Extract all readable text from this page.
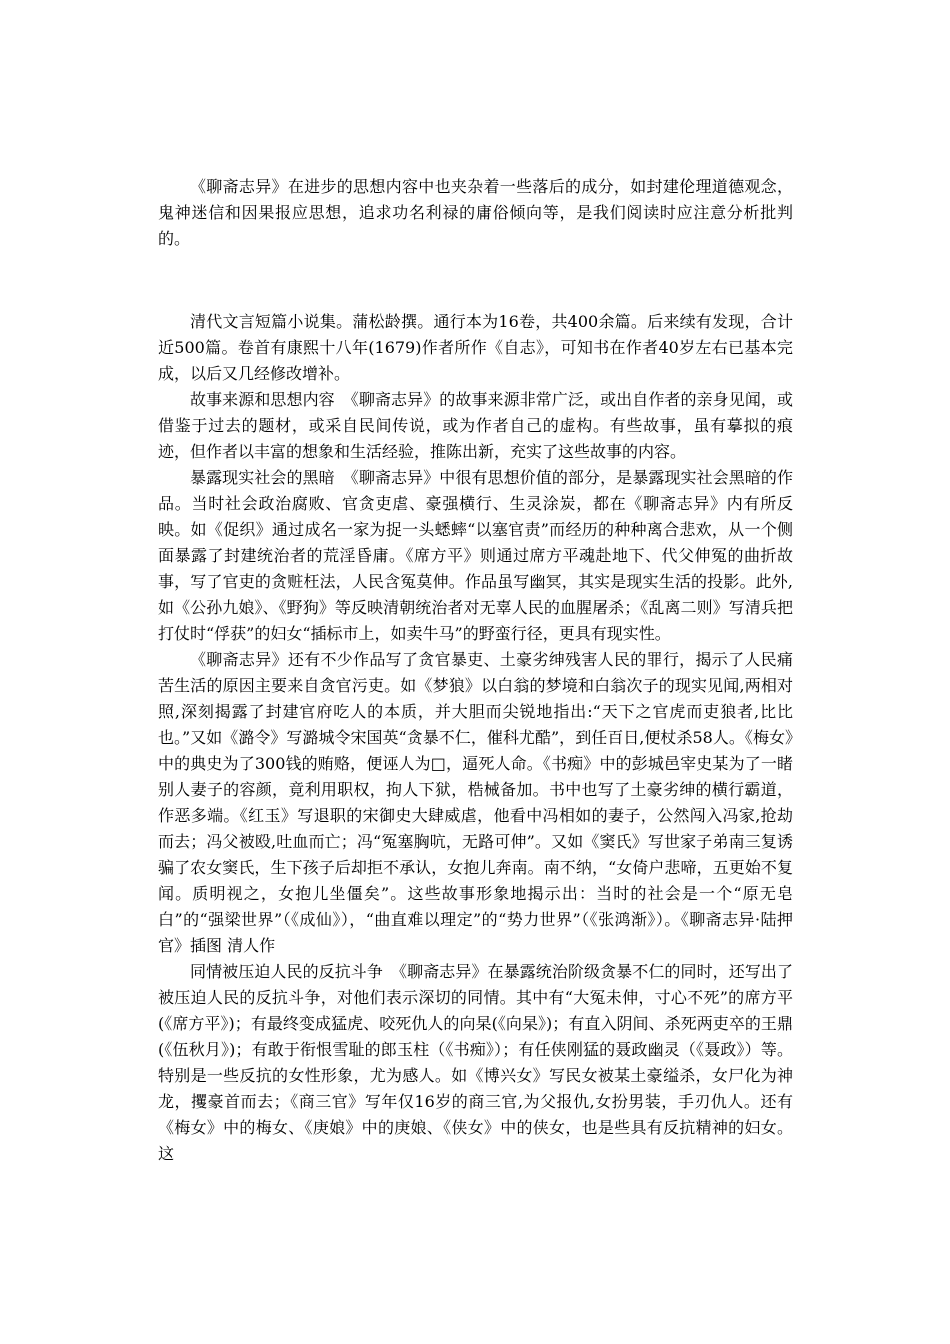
《聊斋志异》在进步的思想内容中也夹杂着一些落后的成分，如封建伦理道德观念，鬼神迷信和因果报应思想，追求功名利禄的庸俗倾向等，是我们阅读时应注意分析批判的。

清代文言短篇小说集。蒲松龄撰。通行本为16卷，共400余篇。后来续有发现，合计近500篇。卷首有康熙十八年(1679)作者所作《自志》，可知书在作者40岁左右已基本完成，以后又几经修改增补。

故事来源和思想内容　《聊斋志异》的故事来源非常广泛，或出自作者的亲身见闻，或借鉴于过去的题材，或采自民间传说，或为作者自己的虚构。有些故事，虽有摹拟的痕迹，但作者以丰富的想象和生活经验，推陈出新，充实了这些故事的内容。

暴露现实社会的黑暗　《聊斋志异》中很有思想价值的部分，是暴露现实社会黑暗的作品。当时社会政治腐败、官贪吏虐、豪强横行、生灵涂炭，都在《聊斋志异》内有所反映。如《促织》通过成名一家为捉一头蟋蟀“以塞官责”而经历的种种离合悲欢，从一个侧面暴露了封建统治者的荒淫昏庸。《席方平》则通过席方平魂赴地下、代父伸冤的曲折故事，写了官吏的贪赃枉法，人民含冤莫伸。作品虽写幽冥，其实是现实生活的投影。此外,如《公孙九娘》、《野狗》等反映清朝统治者对无辜人民的血腥屠杀；《乱离二则》写清兵把打仗时“俘获”的妇女“插标市上，如卖牛马”的野蛮行径，更具有现实性。

《聊斋志异》还有不少作品写了贪官暴吏、土豪劣绅残害人民的罪行，揭示了人民痛苦生活的原因主要来自贪官污吏。如《梦狼》以白翁的梦境和白翁次子的现实见闻,两相对照,深刻揭露了封建官府吃人的本质，并大胆而尖锐地指出:“天下之官虎而吏狼者,比比也。”又如《潞令》写潞城令宋国英“贪暴不仁，催科尤酷”，到任百日,便杖杀58人。《梅女》中的典史为了300钱的贿赂，便诬人为□，逼死人命。《书痴》中的彭城邑宰史某为了一睹别人妻子的容颜，竟利用职权，拘人下狱，梏械备加。书中也写了土豪劣绅的横行霸道，作恶多端。《红玉》写退职的宋御史大肆威虐，他看中冯相如的妻子，公然闯入冯家,抢劫而去；冯父被殴,吐血而亡；冯“冤塞胸吭，无路可伸”。又如《窦氏》写世家子弟南三复诱骗了农女窦氏，生下孩子后却拒不承认，女抱儿奔南。南不纳，“女倚户悲啼，五更始不复闻。质明视之，女抱儿坐僵矣”。这些故事形象地揭示出：当时的社会是一个“原无皂白”的“强梁世界”（《成仙》），“曲直难以理定”的“势力世界”（《张鸿渐》）。《聊斋志异·陆押官》插图 清人作

同情被压迫人民的反抗斗争　《聊斋志异》在暴露统治阶级贪暴不仁的同时，还写出了被压迫人民的反抗斗争，对他们表示深切的同情。其中有“大冤未伸，寸心不死”的席方平(《席方平》)；有最终变成猛虎、咬死仇人的向杲(《向杲》)；有直入阴间、杀死两吏卒的王鼎(《伍秋月》)；有敢于衔恨雪耻的郎玉柱（《书痴》）；有任侠刚猛的聂政幽灵（《聂政》）等。特别是一些反抗的女性形象，尤为感人。如《博兴女》写民女被某土豪缢杀，女尸化为神龙，攫豪首而去；《商三官》写年仅16岁的商三官,为父报仇,女扮男装，手刃仇人。还有《梅女》中的梅女、《庚娘》中的庚娘、《侠女》中的侠女，也是些具有反抗精神的妇女。这
